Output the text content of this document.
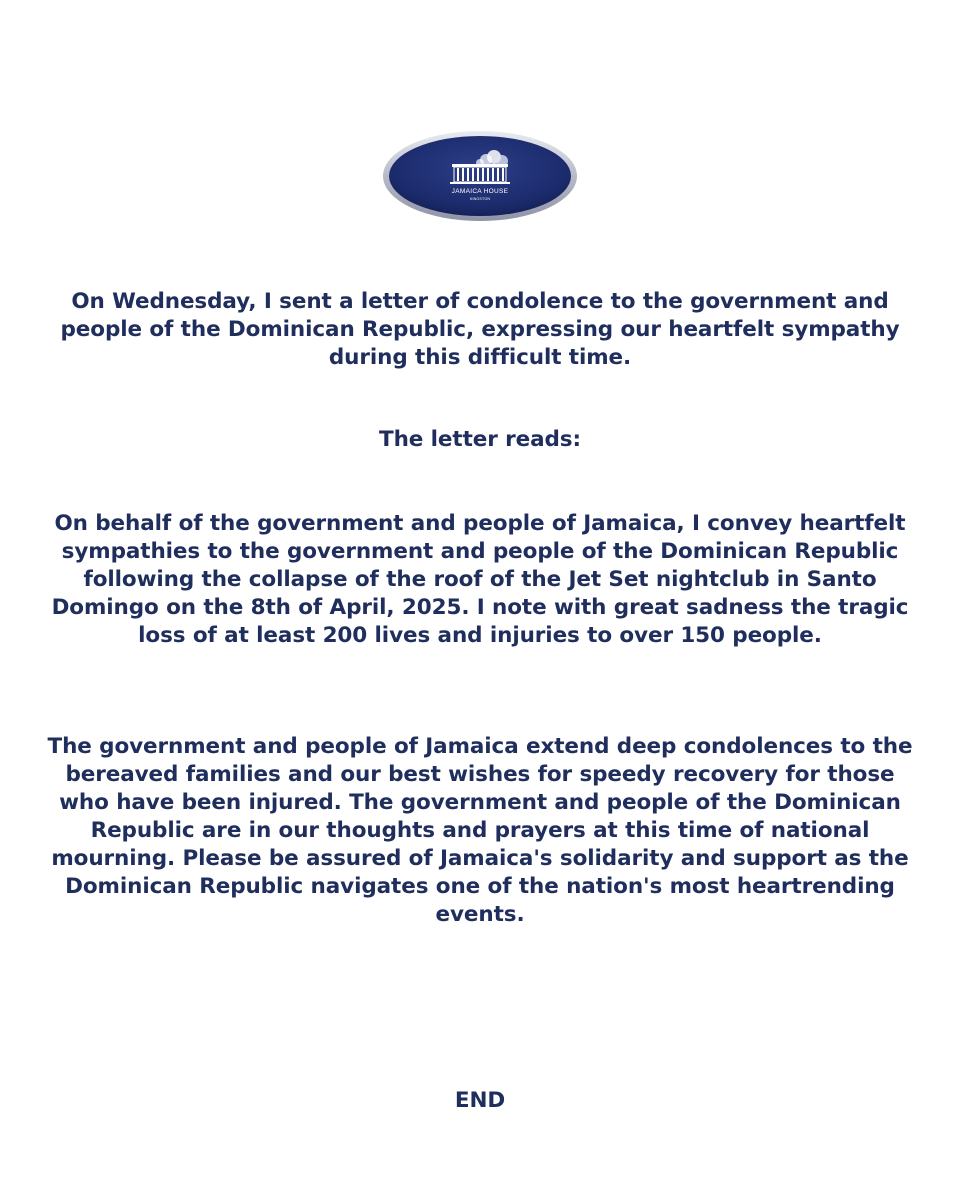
JAMAICA HOUSE
KINGSTON

On Wednesday, I sent a letter of condolence to the government and people of the Dominican Republic, expressing our heartfelt sympathy during this difficult time.

The letter reads:

On behalf of the government and people of Jamaica, I convey heartfelt sympathies to the government and people of the Dominican Republic following the collapse of the roof of the Jet Set nightclub in Santo Domingo on the 8th of April, 2025. I note with great sadness the tragic loss of at least 200 lives and injuries to over 150 people.

The government and people of Jamaica extend deep condolences to the bereaved families and our best wishes for speedy recovery for those who have been injured. The government and people of the Dominican Republic are in our thoughts and prayers at this time of national mourning. Please be assured of Jamaica's solidarity and support as the Dominican Republic navigates one of the nation's most heartrending events.

END
